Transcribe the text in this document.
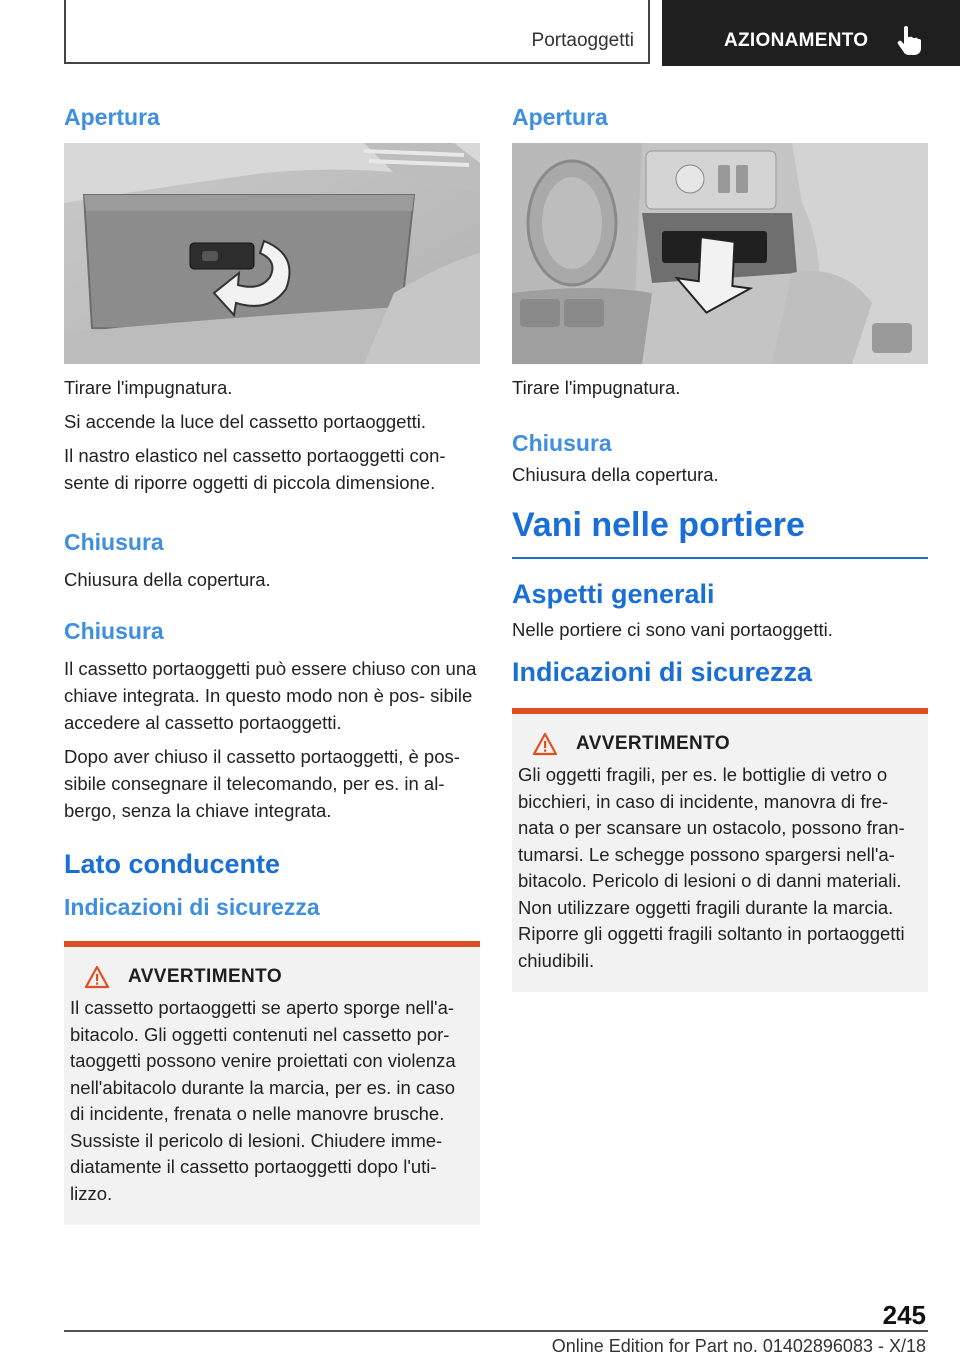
Portaoggetti	AZIONAMENTO
Apertura

Tirare l'impugnatura.

Si accende la luce del cassetto portaoggetti.

Il nastro elastico nel cassetto portaoggetti con- sente di riporre oggetti di piccola dimensione.

Chiusura

Chiusura della copertura.

Chiusura

Il cassetto portaoggetti può essere chiuso con una chiave integrata. In questo modo non è pos- sibile accedere al cassetto portaoggetti.

Dopo aver chiuso il cassetto portaoggetti, è pos- sibile consegnare il telecomando, per es. in al- bergo, senza la chiave integrata.

Lato conducente
Indicazioni di sicurezza
AVVERTIMENTO

Il cassetto portaoggetti se aperto sporge nell'a- bitacolo. Gli oggetti contenuti nel cassetto por- taoggetti possono venire proiettati con violenza nell'abitacolo durante la marcia, per es. in caso di incidente, frenata o nelle manovre brusche. Sussiste il pericolo di lesioni. Chiudere imme- diatamente il cassetto portaoggetti dopo l'uti- lizzo.

Apertura

Tirare l'impugnatura.

Chiusura

Chiusura della copertura.

Vani nelle portiere
Aspetti generali

Nelle portiere ci sono vani portaoggetti.

Indicazioni di sicurezza
AVVERTIMENTO

Gli oggetti fragili, per es. le bottiglie di vetro o bicchieri, in caso di incidente, manovra di fre- nata o per scansare un ostacolo, possono fran- tumarsi. Le schegge possono spargersi nell'a- bitacolo. Pericolo di lesioni o di danni materiali. Non utilizzare oggetti fragili durante la marcia. Riporre gli oggetti fragili soltanto in portaoggetti chiudibili.

245
Online Edition for Part no. 01402896083 - X/18
